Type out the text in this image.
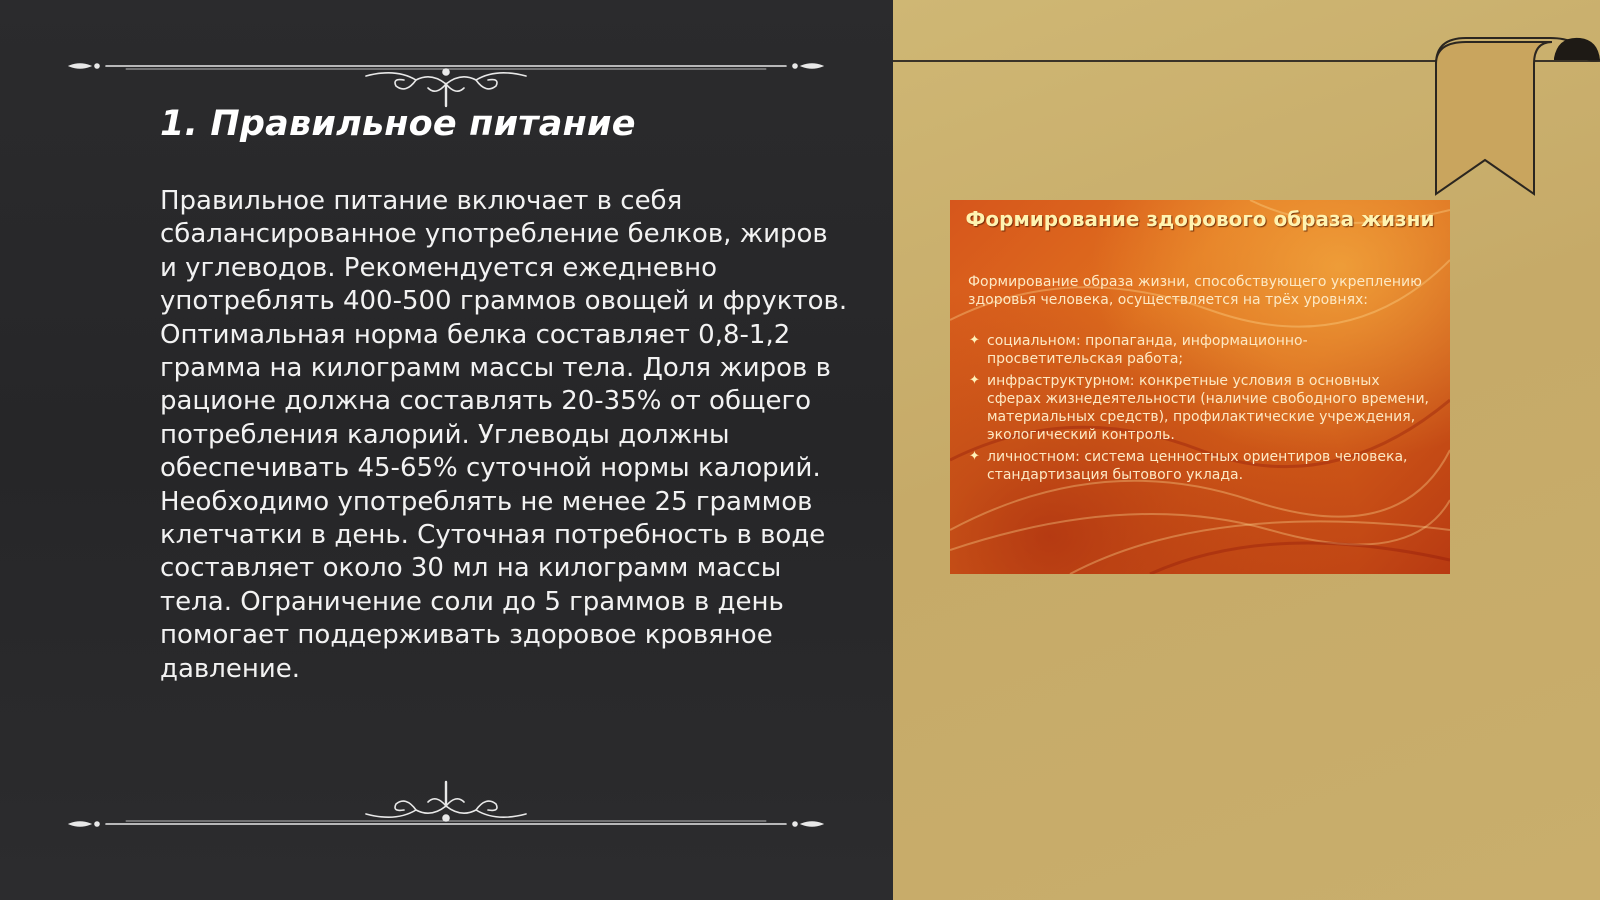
1. Правильное питание

Правильное питание включает в себя сбалансированное употребление белков, жиров и углеводов. Рекомендуется ежедневно употреблять 400-500 граммов овощей и фруктов. Оптимальная норма белка составляет 0,8-1,2 грамма на килограмм массы тела. Доля жиров в рационе должна составлять 20-35% от общего потребления калорий. Углеводы должны обеспечивать 45-65% суточной нормы калорий. Необходимо употреблять не менее 25 граммов клетчатки в день. Суточная потребность в воде составляет около 30 мл на килограмм массы тела. Ограничение соли до 5 граммов в день помогает поддерживать здоровое кровяное давление.

Формирование здорового образа жизни

Формирование образа жизни, способствующего укреплению здоровья человека, осуществляется на трёх уровнях:

✦ социальном: пропаганда, информационно-просветительская работа;
✦ инфраструктурном: конкретные условия в основных сферах жизнедеятельности (наличие свободного времени, материальных средств), профилактические учреждения, экологический контроль.
✦ личностном: система ценностных ориентиров человека, стандартизация бытового уклада.
